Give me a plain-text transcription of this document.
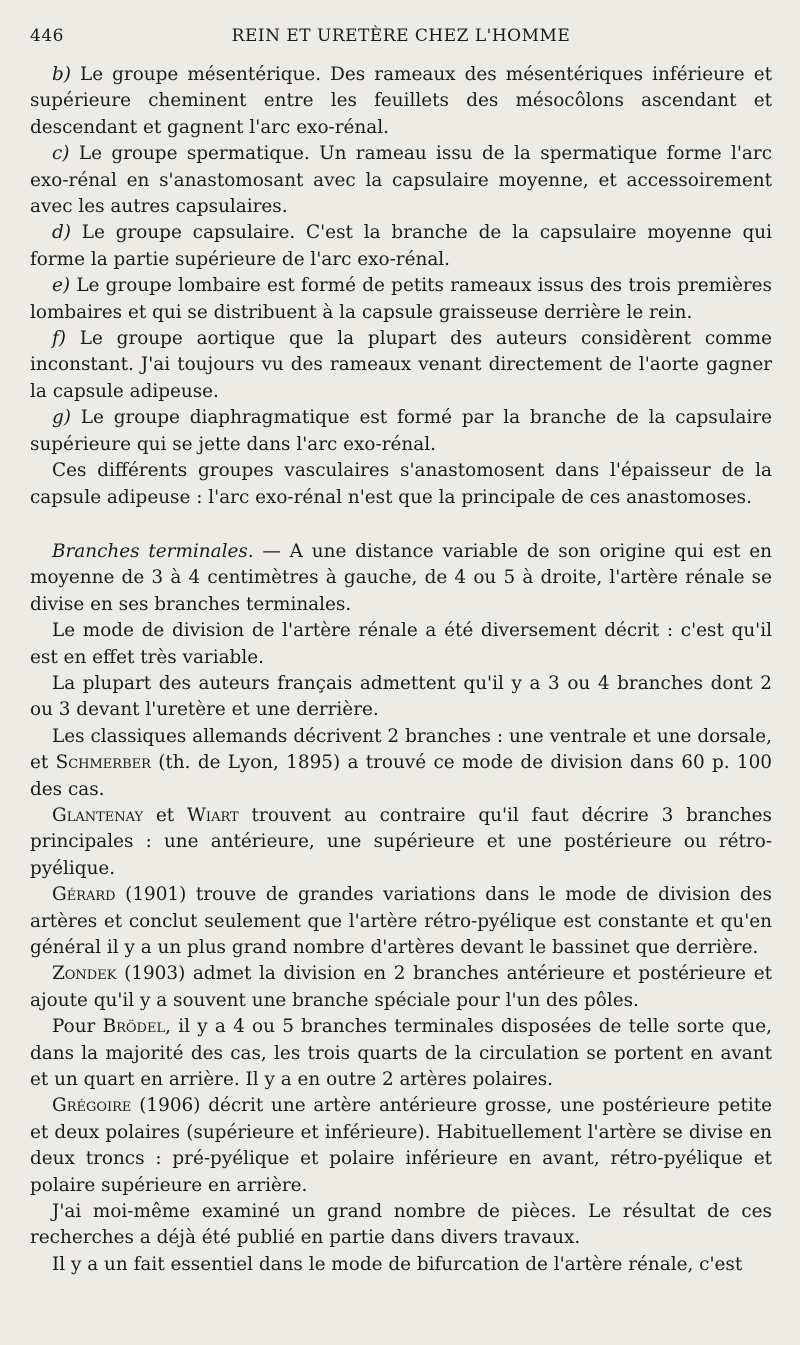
446	REIN ET URETÈRE CHEZ L'HOMME

b) Le groupe mésentérique. Des rameaux des mésentériques inférieure et supérieure cheminent entre les feuillets des mésocôlons ascendant et descendant et gagnent l'arc exo-rénal.

c) Le groupe spermatique. Un rameau issu de la spermatique forme l'arc exo-rénal en s'anastomosant avec la capsulaire moyenne, et accessoirement avec les autres capsulaires.

d) Le groupe capsulaire. C'est la branche de la capsulaire moyenne qui forme la partie supérieure de l'arc exo-rénal.

e) Le groupe lombaire est formé de petits rameaux issus des trois premières lombaires et qui se distribuent à la capsule graisseuse derrière le rein.

f) Le groupe aortique que la plupart des auteurs considèrent comme inconstant. J'ai toujours vu des rameaux venant directement de l'aorte gagner la capsule adipeuse.

g) Le groupe diaphragmatique est formé par la branche de la capsulaire supérieure qui se jette dans l'arc exo-rénal.

Ces différents groupes vasculaires s'anastomosent dans l'épaisseur de la capsule adipeuse : l'arc exo-rénal n'est que la principale de ces anastomoses.

Branches terminales. — A une distance variable de son origine qui est en moyenne de 3 à 4 centimètres à gauche, de 4 ou 5 à droite, l'artère rénale se divise en ses branches terminales.

Le mode de division de l'artère rénale a été diversement décrit : c'est qu'il est en effet très variable.

La plupart des auteurs français admettent qu'il y a 3 ou 4 branches dont 2 ou 3 devant l'uretère et une derrière.

Les classiques allemands décrivent 2 branches : une ventrale et une dorsale, et Schmerber (th. de Lyon, 1895) a trouvé ce mode de division dans 60 p. 100 des cas.

Glantenay et Wiart trouvent au contraire qu'il faut décrire 3 branches principales : une antérieure, une supérieure et une postérieure ou rétro-pyélique.

Gérard (1901) trouve de grandes variations dans le mode de division des artères et conclut seulement que l'artère rétro-pyélique est constante et qu'en général il y a un plus grand nombre d'artères devant le bassinet que derrière.

Zondek (1903) admet la division en 2 branches antérieure et postérieure et ajoute qu'il y a souvent une branche spéciale pour l'un des pôles.

Pour Brödel, il y a 4 ou 5 branches terminales disposées de telle sorte que, dans la majorité des cas, les trois quarts de la circulation se portent en avant et un quart en arrière. Il y a en outre 2 artères polaires.

Grégoire (1906) décrit une artère antérieure grosse, une postérieure petite et deux polaires (supérieure et inférieure). Habituellement l'artère se divise en deux troncs : pré-pyélique et polaire inférieure en avant, rétro-pyélique et polaire supérieure en arrière.

J'ai moi-même examiné un grand nombre de pièces. Le résultat de ces recherches a déjà été publié en partie dans divers travaux.

Il y a un fait essentiel dans le mode de bifurcation de l'artère rénale, c'est
